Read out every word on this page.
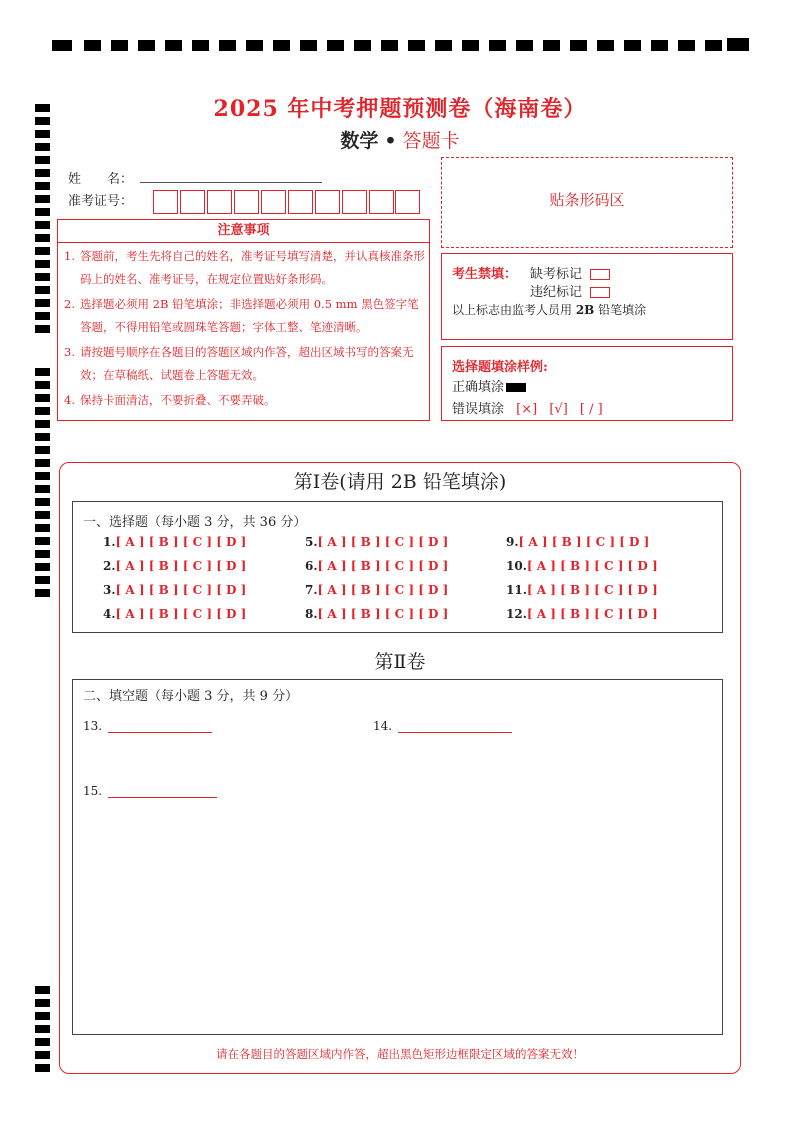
2025 年中考押题预测卷（海南卷）
数学 • 答题卡
姓　　名：
准考证号：	贴条形码区
注意事项
1. 答题前，考生先将自己的姓名，准考证号填写清楚，并认真核准条形码上的姓名、准考证号，在规定位置贴好条形码。
2. 选择题必须用 2B 铅笔填涂；非选择题必须用 0.5 mm 黑色签字笔答题，不得用铅笔或圆珠笔答题；字体工整、笔迹清晰。
3. 请按题号顺序在各题目的答题区域内作答，超出区域书写的答案无效；在草稿纸、试题卷上答题无效。
4. 保持卡面清洁，不要折叠、不要弄破。
考生禁填： 缺考标记
违纪标记
以上标志由监考人员用 2B 铅笔填涂
选择题填涂样例:
正确填涂
错误填涂 [×] [√] [ / ]
第Ⅰ卷(请用 2B 铅笔填涂)
一、选择题（每小题 3 分，共 36 分）
1.[ A ] [ B ] [ C ] [ D ]
2.[ A ] [ B ] [ C ] [ D ]
3.[ A ] [ B ] [ C ] [ D ]
4.[ A ] [ B ] [ C ] [ D ]
5.[ A ] [ B ] [ C ] [ D ]
6.[ A ] [ B ] [ C ] [ D ]
7.[ A ] [ B ] [ C ] [ D ]
8.[ A ] [ B ] [ C ] [ D ]
9.[ A ] [ B ] [ C ] [ D ]
10.[ A ] [ B ] [ C ] [ D ]
11.[ A ] [ B ] [ C ] [ D ]
12.[ A ] [ B ] [ C ] [ D ]
第Ⅱ卷
二、填空题（每小题 3 分，共 9 分）
13.	14.
15.
请在各题目的答题区域内作答，超出黑色矩形边框限定区域的答案无效！
